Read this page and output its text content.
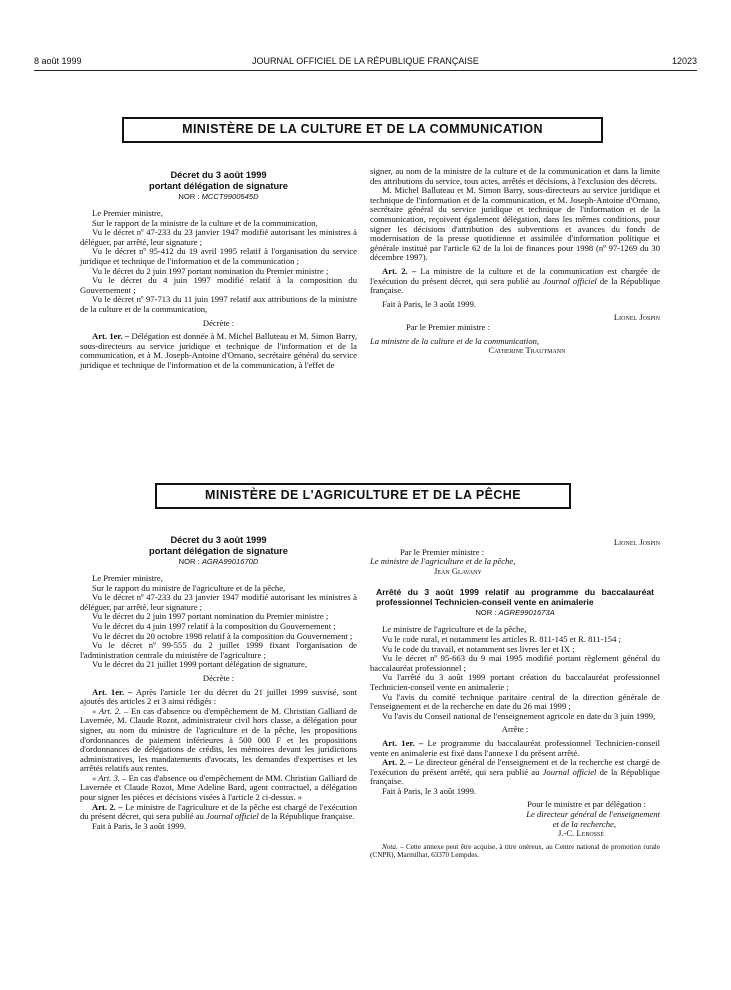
8 août 1999	JOURNAL OFFICIEL DE LA RÉPUBLIQUE FRANÇAISE	12023
MINISTÈRE DE LA CULTURE ET DE LA COMMUNICATION
Décret du 3 août 1999
portant délégation de signature
NOR : MCCT9900545D

Le Premier ministre,

Sur le rapport de la ministre de la culture et de la communication,

Vu le décret nº 47-233 du 23 janvier 1947 modifié autorisant les ministres à déléguer, par arrêté, leur signature ;

Vu le décret nº 95-412 du 19 avril 1995 relatif à l'organisation du service juridique et technique de l'information et de la communication ;

Vu le décret du 2 juin 1997 portant nomination du Premier ministre ;

Vu le décret du 4 juin 1997 modifié relatif à la composition du Gouvernement ;

Vu le décret nº 97-713 du 11 juin 1997 relatif aux attributions de la ministre de la culture et de la communication,

Décrète :

Art. 1er. – Délégation est donnée à M. Michel Balluteau et M. Simon Barry, sous-directeurs au service juridique et technique de l'information et de la communication, et à M. Joseph-Antoine d'Ornano, secrétaire général du service juridique et technique de l'information et de la communication, à l'effet de

signer, au nom de la ministre de la culture et de la communication et dans la limite des attributions du service, tous actes, arrêtés et décisions, à l'exclusion des décrets.

M. Michel Balluteau et M. Simon Barry, sous-directeurs au service juridique et technique de l'information et de la communication, et M. Joseph-Antoine d'Ornano, secrétaire général du service juridique et technique de l'information et de la communication, reçoivent également délégation, dans les mêmes conditions, pour signer les décisions d'attribution des subventions et avances du fonds de modernisation de la presse quotidienne et assimilée d'information politique et générale institué par l'article 62 de la loi de finances pour 1998 (nº 97-1269 du 30 décembre 1997).

Art. 2. – La ministre de la culture et de la communication est chargée de l'exécution du présent décret, qui sera publié au Journal officiel de la République française.

Fait à Paris, le 3 août 1999.

Lionel Jospin

Par le Premier ministre :

La ministre de la culture et de la communication,

Catherine Trautmann

MINISTÈRE DE L'AGRICULTURE ET DE LA PÊCHE
Décret du 3 août 1999
portant délégation de signature
NOR : AGRA9901670D

Le Premier ministre,

Sur le rapport du ministre de l'agriculture et de la pêche,

Vu le décret nº 47-233 du 23 janvier 1947 modifié autorisant les ministres à déléguer, par arrêté, leur signature ;

Vu le décret du 2 juin 1997 portant nomination du Premier ministre ;

Vu le décret du 4 juin 1997 relatif à la composition du Gouvernement ;

Vu le décret du 20 octobre 1998 relatif à la composition du Gouvernement ;

Vu le décret nº 99-555 du 2 juillet 1999 fixant l'organisation de l'administration centrale du ministère de l'agriculture ;

Vu le décret du 21 juillet 1999 portant délégation de signature,

Décrète :

Art. 1er. – Après l'article 1er du décret du 21 juillet 1999 susvisé, sont ajoutés des articles 2 et 3 ainsi rédigés :

« Art. 2. – En cas d'absence ou d'empêchement de M. Christian Galliard de Lavernée, M. Claude Rozot, administrateur civil hors classe, a délégation pour signer, au nom du ministre de l'agriculture et de la pêche, les propositions d'ordonnances de paiement inférieures à 500 000 F et les propositions d'ordonnances de délégations de crédits, les mémoires devant les juridictions administratives, les mandatements d'avocats, les demandes d'expertises et les arrêtés relatifs aux rentes.

« Art. 3. – En cas d'absence ou d'empêchement de MM. Christian Galliard de Lavernée et Claude Rozot, Mme Adeline Bard, agent contractuel, a délégation pour signer les pièces et décisions visées à l'article 2 ci-dessus. »

Art. 2. – Le ministre de l'agriculture et de la pêche est chargé de l'exécution du présent décret, qui sera publié au Journal officiel de la République française.

Fait à Paris, le 3 août 1999.

Lionel Jospin

Par le Premier ministre :

Le ministre de l'agriculture et de la pêche,

Jean Glavany

Arrêté du 3 août 1999 relatif au programme du baccalauréat professionnel Technicien-conseil vente en animalerie
NOR : AGRE9901673A

Le ministre de l'agriculture et de la pêche,

Vu le code rural, et notamment les articles R. 811-145 et R. 811-154 ;

Vu le code du travail, et notamment ses livres Ier et IX ;

Vu le décret nº 95-663 du 9 mai 1995 modifié portant règlement général du baccalauréat professionnel ;

Vu l'arrêté du 3 août 1999 portant création du baccalauréat professionnel Technicien-conseil vente en animalerie ;

Vu l'avis du comité technique paritaire central de la direction générale de l'enseignement et de la recherche en date du 26 mai 1999 ;

Vu l'avis du Conseil national de l'enseignement agricole en date du 3 juin 1999,

Arrête :

Art. 1er. – Le programme du baccalauréat professionnel Technicien-conseil vente en animalerie est fixé dans l'annexe I du présent arrêté.

Art. 2. – Le directeur général de l'enseignement et de la recherche est chargé de l'exécution du présent arrêté, qui sera publié au Journal officiel de la République française.

Fait à Paris, le 3 août 1999.

Pour le ministre et par délégation :

Le directeur général de l'enseignement

et de la recherche,

J.-C. Lebossé

Nota. – Cette annexe peut être acquise, à titre onéreux, au Centre national de promotion rurale (CNPR), Marmilhat, 63370 Lempdes.
